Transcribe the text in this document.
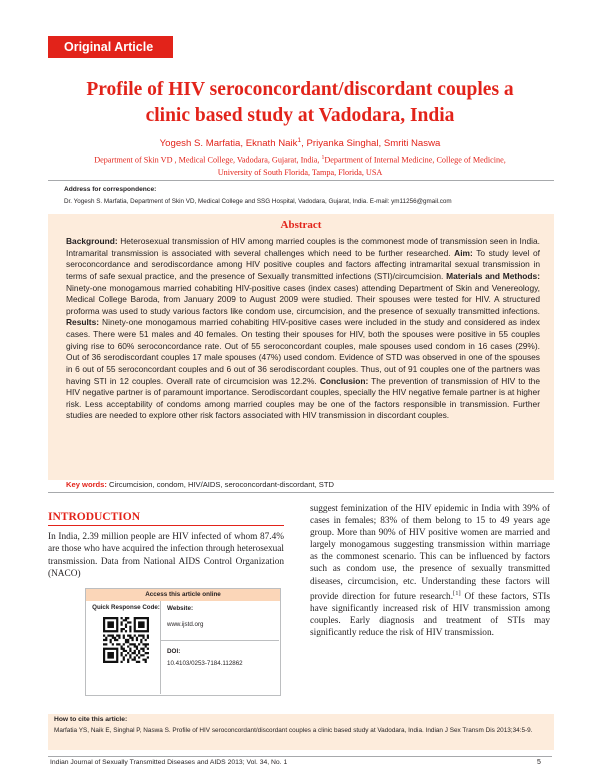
Original Article
Profile of HIV seroconcordant/discordant couples a
clinic based study at Vadodara, India
Yogesh S. Marfatia, Eknath Naik$^1$, Priyanka Singhal, Smriti Naswa
Department of Skin VD , Medical College, Vadodara, Gujarat, India, $^1$Department of Internal Medicine, College of Medicine,
University of South Florida, Tampa, Florida, USA
Address for correspondence:
Dr. Yogesh S. Marfatia, Department of Skin VD, Medical College and SSG Hospital, Vadodara, Gujarat, India. E-mail: ym11256@gmail.com
Abstract
Background: Heterosexual transmission of HIV among married couples is the commonest mode of transmission seen in India. Intramarital transmission is associated with several challenges which need to be further researched. Aim: To study level of seroconcordance and serodiscordance among HIV positive couples and factors affecting intramarital sexual transmission in terms of safe sexual practice, and the presence of Sexually transmitted infections (STI)/circumcision. Materials and Methods: Ninety-one monogamous married cohabiting HIV-positive cases (index cases) attending Department of Skin and Venereology, Medical College Baroda, from January 2009 to August 2009 were studied. Their spouses were tested for HIV. A structured proforma was used to study various factors like condom use, circumcision, and the presence of sexually transmitted infections. Results: Ninety-one monogamous married cohabiting HIV-positive cases were included in the study and considered as index cases. There were 51 males and 40 females. On testing their spouses for HIV, both the spouses were positive in 55 couples giving rise to 60% seroconcordance rate. Out of 55 seroconcordant couples, male spouses used condom in 16 cases (29%). Out of 36 serodiscordant couples 17 male spouses (47%) used condom. Evidence of STD was observed in one of the spouses in 6 out of 55 seroconcordant couples and 6 out of 36 serodiscordant couples. Thus, out of 91 couples one of the partners was having STI in 12 couples. Overall rate of circumcision was 12.2%. Conclusion: The prevention of transmission of HIV to the HIV negative partner is of paramount importance. Serodiscordant couples, specially the HIV negative female partner is at higher risk. Less acceptability of condoms among married couples may be one of the factors responsible in transmission. Further studies are needed to explore other risk factors associated with HIV transmission in discordant couples.
Key words: Circumcision, condom, HIV/AIDS, seroconcordant-discordant, STD
INTRODUCTION
In India, 2.39 million people are HIV infected of whom 87.4% are those who have acquired the infection through heterosexual transmission. Data from National AIDS Control Organization (NACO)
Access this article online
Quick Response Code: Website:
www.ijstd.org
DOI:
10.4103/0253-7184.112862
suggest feminization of the HIV epidemic in India with 39% of cases in females; 83% of them belong to 15 to 49 years age group. More than 90% of HIV positive women are married and largely monogamous suggesting transmission within marriage as the commonest scenario. This can be influenced by factors such as condom use, the presence of sexually transmitted diseases, circumcision, etc. Understanding these factors will provide direction for future research.[1] Of these factors, STIs have significantly increased risk of HIV transmission among couples. Early diagnosis and treatment of STIs may significantly reduce the risk of HIV transmission.
How to cite this article:
Marfatia YS, Naik E, Singhal P, Naswa S. Profile of HIV seroconcordant/discordant couples a clinic based study at Vadodara, India. Indian J Sex Transm Dis 2013;34:5-9.
Indian Journal of Sexually Transmitted Diseases and AIDS 2013; Vol. 34, No. 1	5
